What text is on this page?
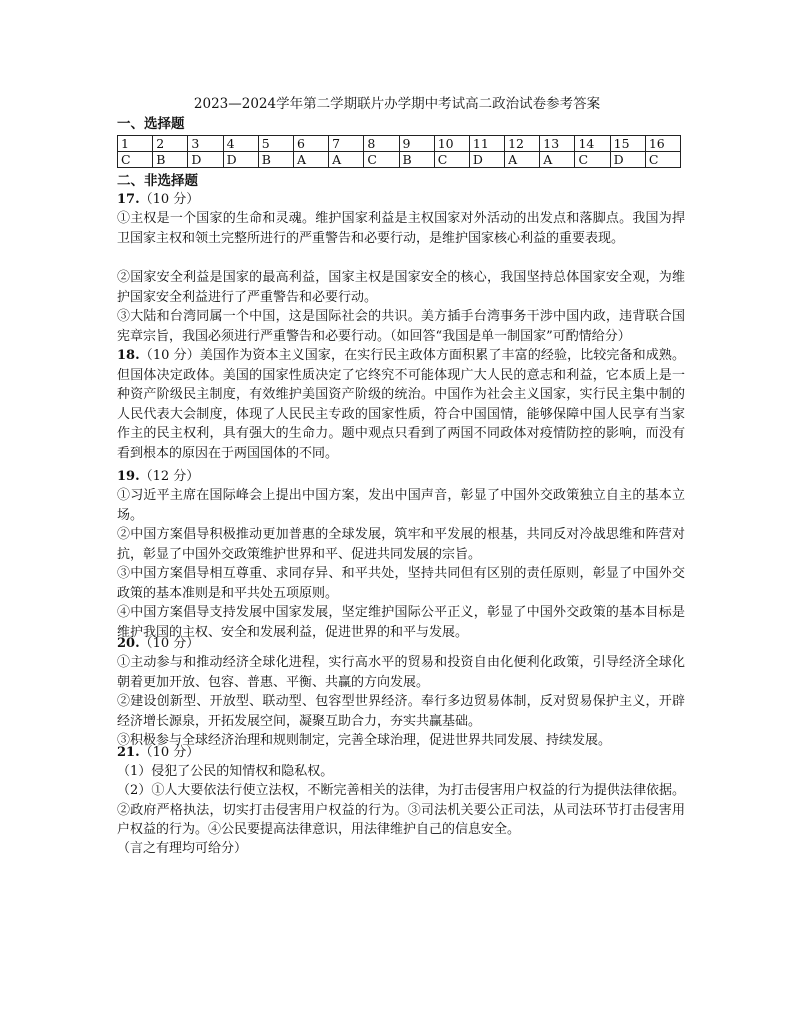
2023—2024学年第二学期联片办学期中考试高二政治试卷参考答案
一、选择题
1	2	3	4	5	6	7	8	9	10	11	12	13	14	15	16
C	B	D	D	B	A	A	C	B	C	D	A	A	C	D	C
二、非选择题
17.（10 分）
①主权是一个国家的生命和灵魂。维护国家利益是主权国家对外活动的出发点和落脚点。我国为捍卫国家主权和领土完整所进行的严重警告和必要行动，是维护国家核心利益的重要表现。
②国家安全利益是国家的最高利益，国家主权是国家安全的核心，我国坚持总体国家安全观，为维护国家安全利益进行了严重警告和必要行动。
③大陆和台湾同属一个中国，这是国际社会的共识。美方插手台湾事务干涉中国内政，违背联合国宪章宗旨，我国必须进行严重警告和必要行动。（如回答“我国是单一制国家”可酌情给分）
18.（10 分）美国作为资本主义国家，在实行民主政体方面积累了丰富的经验，比较完备和成熟。但国体决定政体。美国的国家性质决定了它终究不可能体现广大人民的意志和利益，它本质上是一种资产阶级民主制度，有效维护美国资产阶级的统治。中国作为社会主义国家，实行民主集中制的人民代表大会制度，体现了人民民主专政的国家性质，符合中国国情，能够保障中国人民享有当家作主的民主权利，具有强大的生命力。题中观点只看到了两国不同政体对疫情防控的影响，而没有看到根本的原因在于两国国体的不同。
19.（12 分）
①习近平主席在国际峰会上提出中国方案，发出中国声音，彰显了中国外交政策独立自主的基本立场。
②中国方案倡导积极推动更加普惠的全球发展，筑牢和平发展的根基，共同反对冷战思维和阵营对抗，彰显了中国外交政策维护世界和平、促进共同发展的宗旨。
③中国方案倡导相互尊重、求同存异、和平共处，坚持共同但有区别的责任原则，彰显了中国外交政策的基本准则是和平共处五项原则。
④中国方案倡导支持发展中国家发展，坚定维护国际公平正义，彰显了中国外交政策的基本目标是维护我国的主权、安全和发展利益，促进世界的和平与发展。
20.（10 分）
①主动参与和推动经济全球化进程，实行高水平的贸易和投资自由化便利化政策，引导经济全球化朝着更加开放、包容、普惠、平衡、共赢的方向发展。
②建设创新型、开放型、联动型、包容型世界经济。奉行多边贸易体制，反对贸易保护主义，开辟经济增长源泉，开拓发展空间，凝聚互助合力，夯实共赢基础。
③积极参与全球经济治理和规则制定，完善全球治理，促进世界共同发展、持续发展。
21.（10 分）
（1）侵犯了公民的知情权和隐私权。
（2）①人大要依法行使立法权，不断完善相关的法律，为打击侵害用户权益的行为提供法律依据。②政府严格执法，切实打击侵害用户权益的行为。③司法机关要公正司法，从司法环节打击侵害用户权益的行为。④公民要提高法律意识，用法律维护自己的信息安全。
（言之有理均可给分）
